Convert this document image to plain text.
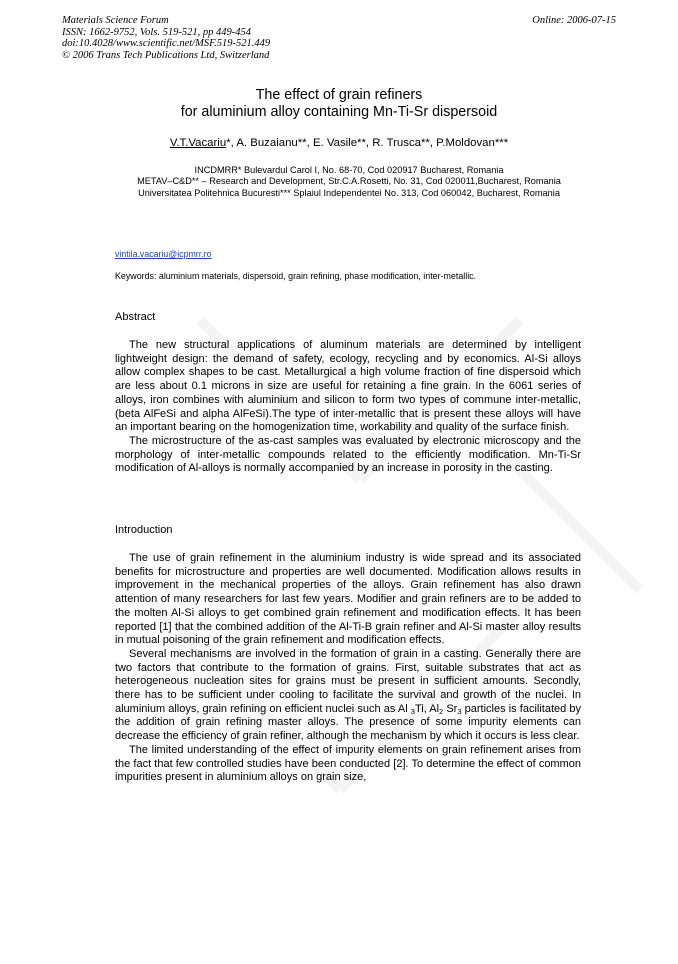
Materials Science Forum
ISSN: 1662-9752, Vols. 519-521, pp 449-454
doi:10.4028/www.scientific.net/MSF.519-521.449
© 2006 Trans Tech Publications Ltd, Switzerland
Online: 2006-07-15
The effect of grain refiners
for aluminium alloy containing Mn-Ti-Sr dispersoid
V.T.Vacariu*, A. Buzaianu**, E. Vasile**, R. Trusca**, P.Moldovan***
INCDMRR* Bulevardul Carol I, No. 68-70, Cod 020917 Bucharest, Romania
METAV–C&D** – Research and Development, Str.C.A.Rosetti, No. 31, Cod 020011,Bucharest, Romania
Universitatea Politehnica Bucuresti*** Splaiul Independentei No. 313, Cod 060042, Bucharest, Romania
vintila.vacariu@icpmrr.ro
Keywords: aluminium materials, dispersoid, grain refining, phase modification, inter-metallic.
Abstract

The new structural applications of aluminum materials are determined by intelligent lightweight design: the demand of safety, ecology, recycling and by economics. Al-Si alloys allow complex shapes to be cast. Metallurgical a high volume fraction of fine dispersoid which are less about 0.1 microns in size are useful for retaining a fine grain. In the 6061 series of alloys, iron combines with aluminium and silicon to form two types of commune inter-metallic, (beta AlFeSi and alpha AlFeSi).The type of inter-metallic that is present these alloys will have an important bearing on the homogenization time, workability and quality of the surface finish.

The microstructure of the as-cast samples was evaluated by electronic microscopy and the morphology of inter-metallic compounds related to the efficiently modification. Mn-Ti-Sr modification of Al-alloys is normally accompanied by an increase in porosity in the casting.

Introduction

The use of grain refinement in the aluminium industry is wide spread and its associated benefits for microstructure and properties are well documented. Modification allows results in improvement in the mechanical properties of the alloys. Grain refinement has also drawn attention of many researchers for last few years. Modifier and grain refiners are to be added to the molten Al-Si alloys to get combined grain refinement and modification effects. It has been reported [1] that the combined addition of the Al-Ti-B grain refiner and Al-Si master alloy results in mutual poisoning of the grain refinement and modification effects.

Several mechanisms are involved in the formation of grain in a casting. Generally there are two factors that contribute to the formation of grains. First, suitable substrates that act as heterogeneous nucleation sites for grains must be present in sufficient amounts. Secondly, there has to be sufficient under cooling to facilitate the survival and growth of the nuclei. In aluminium alloys, grain refining on efficient nuclei such as Al $_3$Ti, $Al_2$ $Sr_3$ particles is facilitated by the addition of grain refining master alloys. The presence of some impurity elements can decrease the efficiency of grain refiner, although the mechanism by which it occurs is less clear.

The limited understanding of the effect of impurity elements on grain refinement arises from the fact that few controlled studies have been conducted [2]. To determine the effect of common impurities present in aluminium alloys on grain size,
